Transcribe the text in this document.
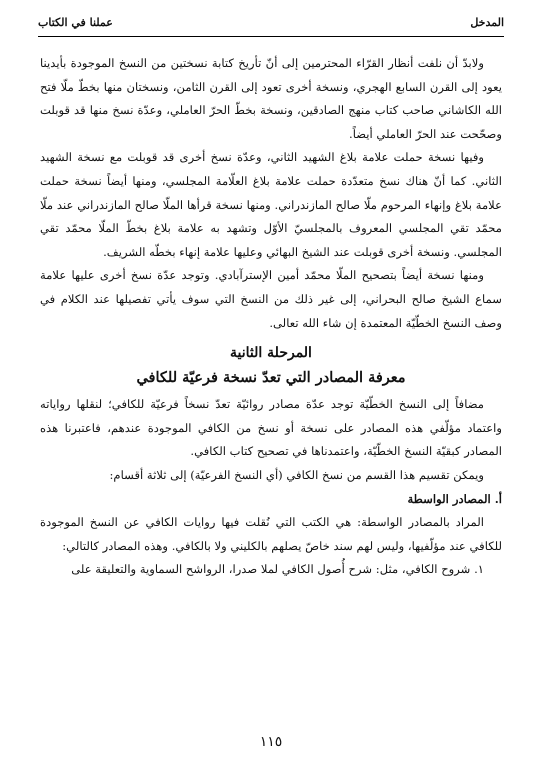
المدخل
عملنا في الكتاب

ولابدّ أن نلفت أنظار القرّاء المحترمين إلى أنّ تأريخ كتابة نسختين من النسخ الموجودة بأيدينا يعود إلى القرن السابع الهجري، ونسخة أخرى تعود إلى القرن الثامن، ونسختان منها بخطّ ملّا فتح الله الكاشاني صاحب كتاب منهج الصادقين، ونسخة بخطّ الحرّ العاملي، وعدّة نسخ منها قد قوبلت وصحّحت عند الحرّ العاملي أيضاً.

وفيها نسخة حملت علامة بلاغ الشهيد الثاني، وعدّة نسخ أخرى قد قوبلت مع نسخة الشهيد الثاني. كما أنّ هناك نسخ متعدّدة حملت علامة بلاغ العلّامة المجلسي، ومنها أيضاً نسخة حملت علامة بلاغ وإنهاء المرحوم ملّا صالح المازندراني. ومنها نسخة قرأها الملّا صالح المازندراني عند ملّا محمّد تقي المجلسي المعروف بالمجلسيّ الأوّل وتشهد به علامة بلاغ بخطّ الملّا محمّد تقي المجلسي. ونسخة أخرى قوبلت عند الشيخ البهائي وعليها علامة إنهاء بخطّه الشريف.

ومنها نسخة أيضاً بتصحيح الملّا محمّد أمين الإسترآبادي. وتوجد عدّة نسخ أخرى عليها علامة سماع الشيخ صالح البحراني، إلى غير ذلك من النسخ التي سوف يأتي تفصيلها عند الكلام في وصف النسخ الخطّيّة المعتمدة إن شاء الله تعالى.

المرحلة الثانية
معرفة المصادر التي تعدّ نسخة فرعيّة للكافي

مضافاً إلى النسخ الخطّيّة توجد عدّة مصادر روائيّة تعدّ نسخاً فرعيّة للكافي؛ لنقلها رواياته واعتماد مؤلّفي هذه المصادر على نسخة أو نسخ من الكافي الموجودة عندهم، فاعتبرنا هذه المصادر كبقيّة النسخ الخطّيّة، واعتمدناها في تصحيح كتاب الكافي.

ويمكن تقسيم هذا القسم من نسخ الكافي (أي النسخ الفرعيّة) إلى ثلاثة أقسام:

أ. المصادر الواسطة

المراد بالمصادر الواسطة: هي الكتب التي نُقلت فيها روايات الكافي عن النسخ الموجودة للكافي عند مؤلّفيها، وليس لهم سند خاصّ يصلهم بالكليني ولا بالكافي. وهذه المصادر كالتالي:

١. شروح الكافي، مثل: شرح أُصول الكافي لملا صدرا، الرواشح السماوية والتعليقة على

١١٥
